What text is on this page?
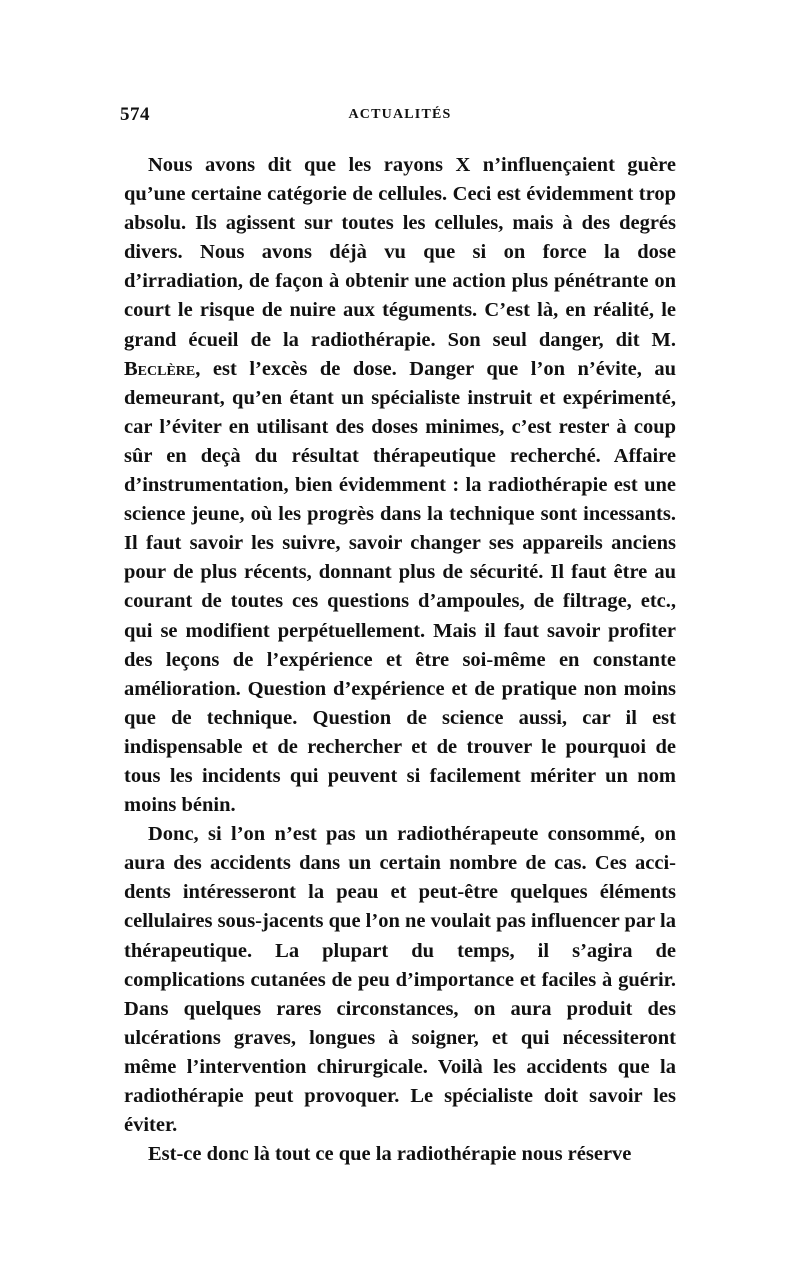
574	ACTUALITÉS

Nous avons dit que les rayons X n’influençaient guère qu’une certaine catégorie de cellules. Ceci est évidemment trop absolu. Ils agissent sur toutes les cellules, mais à des degrés divers. Nous avons déjà vu que si on force la dose d’irradiation, de façon à obtenir une action plus pénétrante on court le risque de nuire aux téguments. C’est là, en réalité, le grand écueil de la radiothérapie. Son seul danger, dit M. Beclère, est l’excès de dose. Danger que l’on n’évite, au demeurant, qu’en étant un spécialiste instruit et expérimenté, car l’éviter en utilisant des doses minimes, c’est rester à coup sûr en deçà du résultat thérapeutique recherché. Affaire d’instrumentation, bien évidemment : la radiothérapie est une science jeune, où les progrès dans la technique sont incessants. Il faut savoir les suivre, savoir changer ses appareils anciens pour de plus récents, donnant plus de sécurité. Il faut être au courant de toutes ces questions d’ampoules, de filtrage, etc., qui se modifient perpétuellement. Mais il faut savoir profiter des leçons de l’expérience et être soi-même en constante amélioration. Question d’expérience et de pratique non moins que de technique. Question de science aussi, car il est indispensable et de rechercher et de trouver le pourquoi de tous les incidents qui peuvent si facilement mériter un nom moins bénin.

Donc, si l’on n’est pas un radiothérapeute consommé, on aura des accidents dans un certain nombre de cas. Ces accidents intéresseront la peau et peut-être quelques éléments cellulaires sous-jacents que l’on ne voulait pas influencer par la thérapeutique. La plupart du temps, il s’agira de complications cutanées de peu d’importance et faciles à guérir. Dans quelques rares circonstances, on aura produit des ulcérations graves, longues à soigner, et qui nécessiteront même l’intervention chirurgicale. Voilà les accidents que la radiothérapie peut provoquer. Le spécialiste doit savoir les éviter.

Est-ce donc là tout ce que la radiothérapie nous réserve
